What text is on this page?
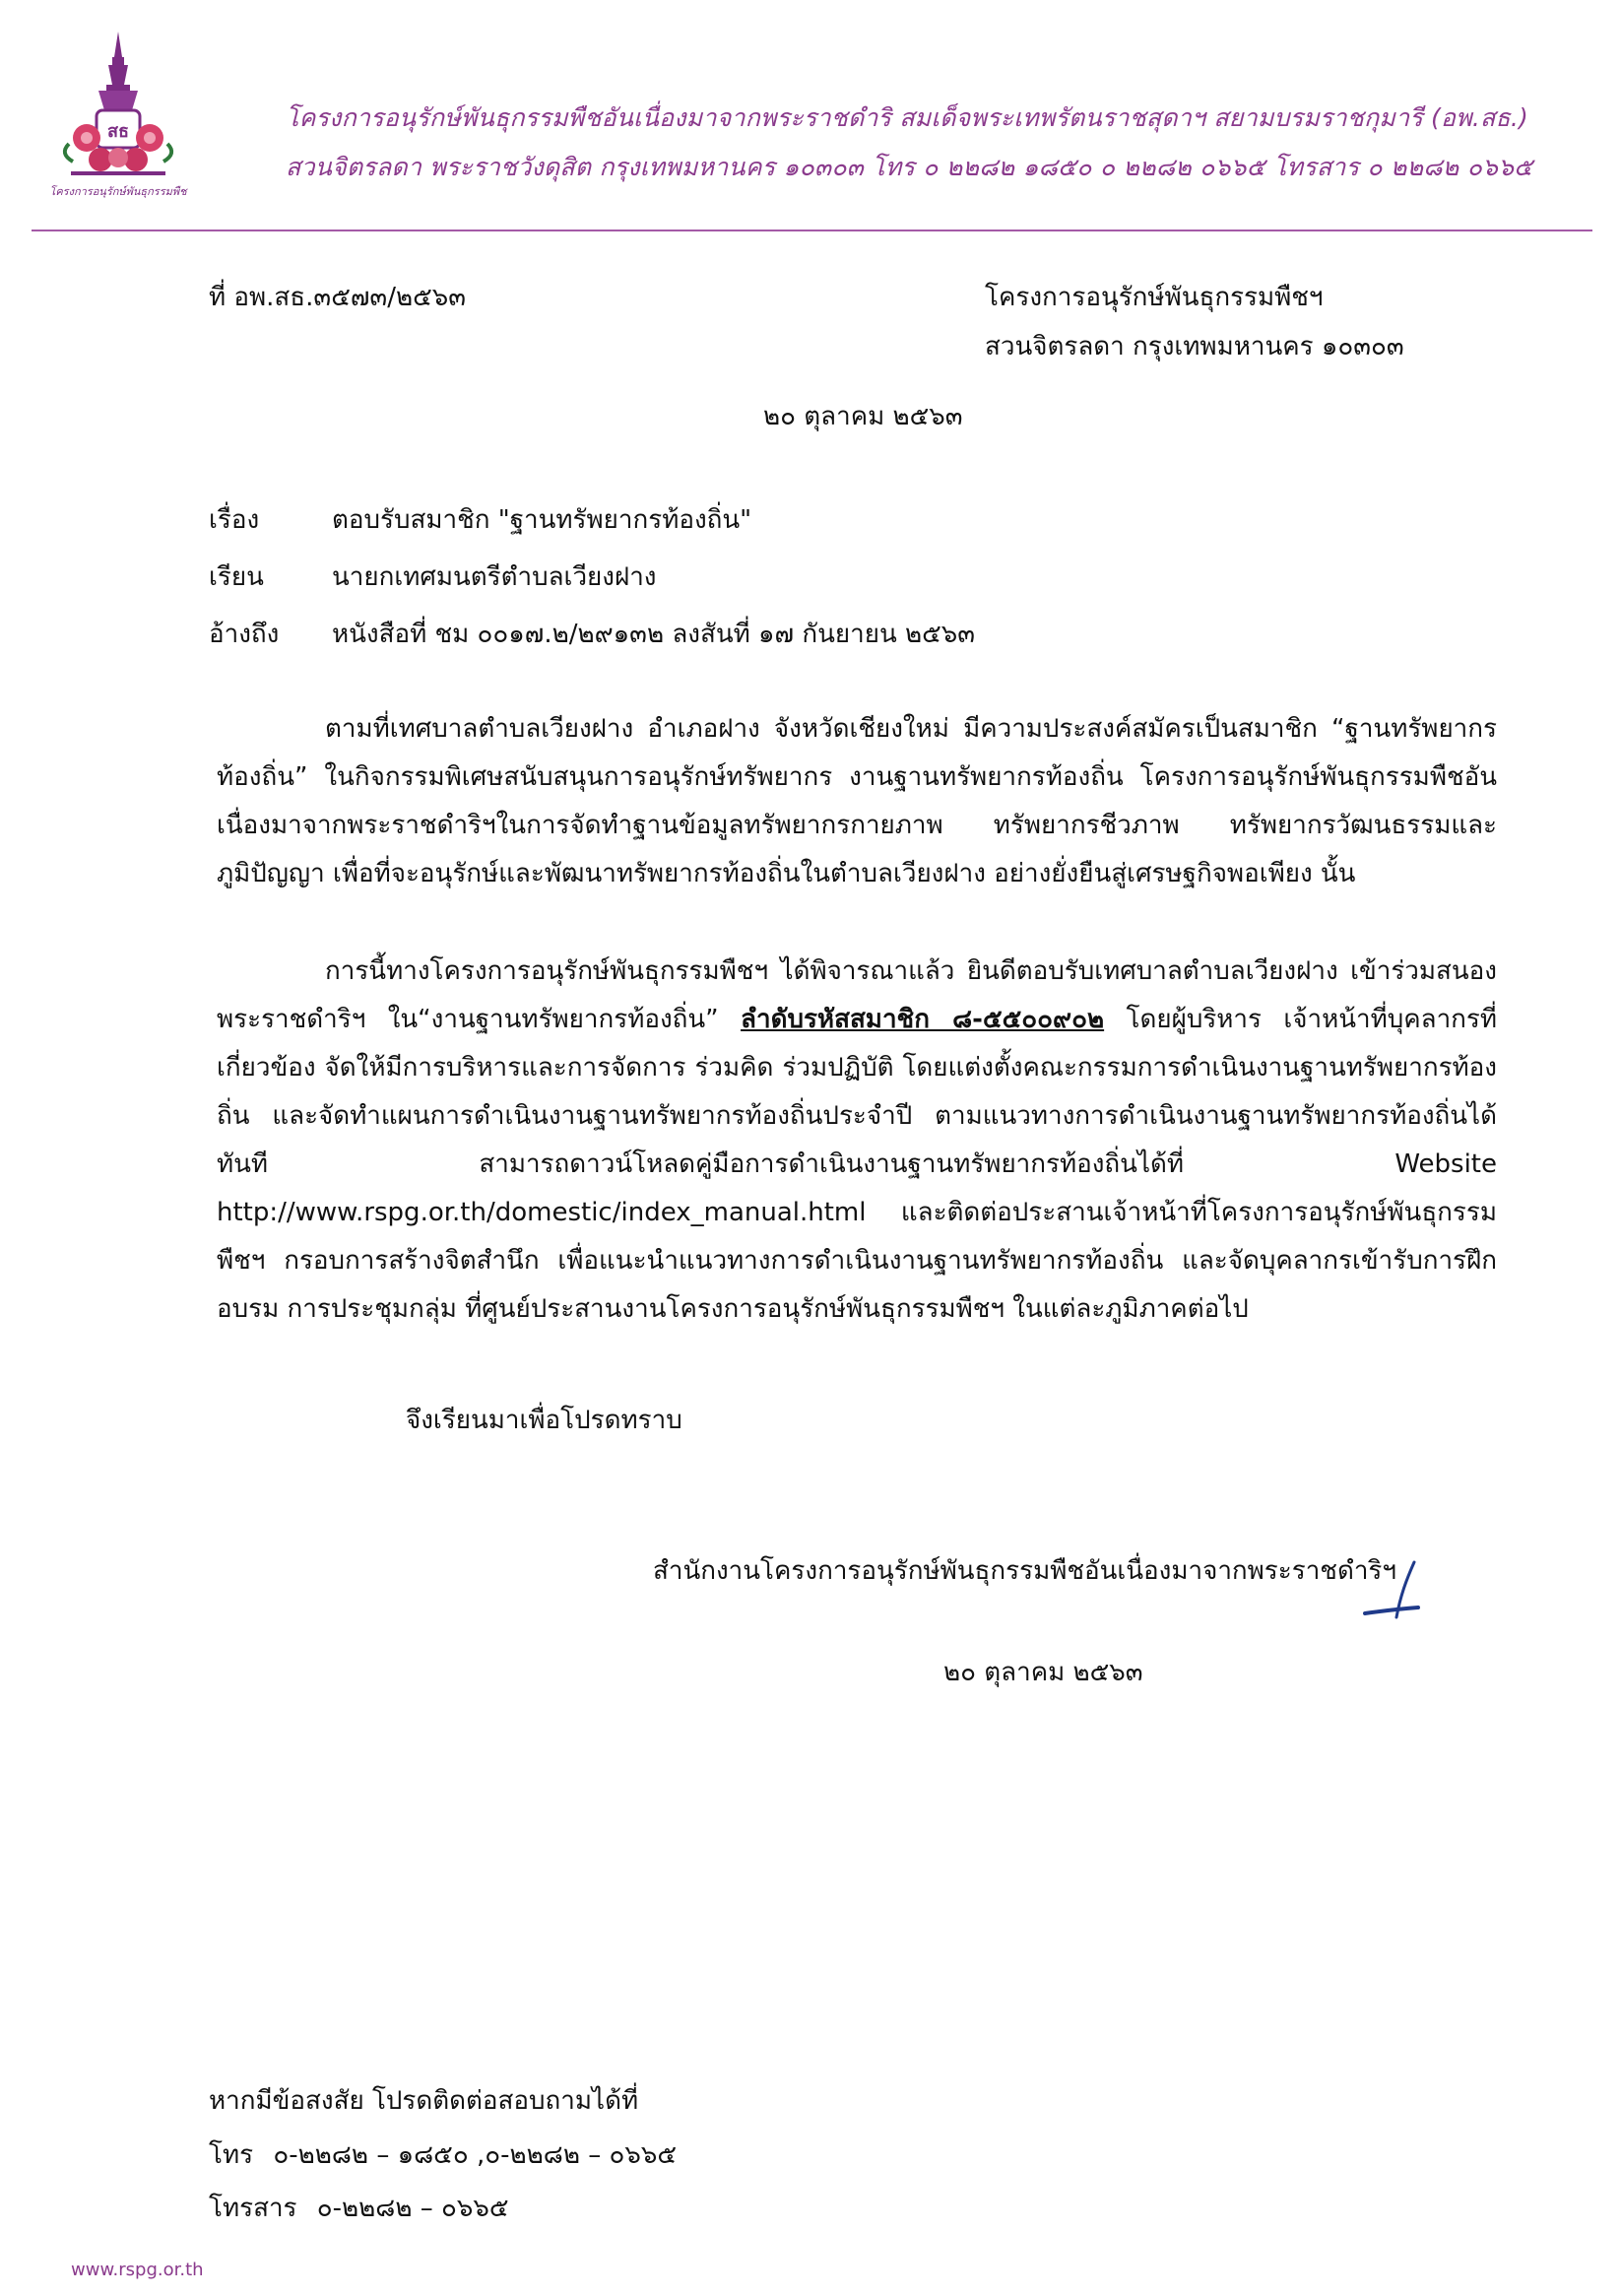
สธ
โครงการอนุรักษ์พันธุกรรมพืช
โครงการอนุรักษ์พันธุกรรมพืชอันเนื่องมาจากพระราชดำริ สมเด็จพระเทพรัตนราชสุดาฯ สยามบรมราชกุมารี (อพ.สธ.)
สวนจิตรลดา พระราชวังดุสิต กรุงเทพมหานคร ๑๐๓๐๓ โทร ๐ ๒๒๘๒ ๑๘๕๐ ๐ ๒๒๘๒ ๐๖๖๕ โทรสาร ๐ ๒๒๘๒ ๐๖๖๕
ที่ อพ.สธ.๓๕๗๓/๒๕๖๓	โครงการอนุรักษ์พันธุกรรมพืชฯ
สวนจิตรลดา กรุงเทพมหานคร ๑๐๓๐๓
๒๐ ตุลาคม ๒๕๖๓
เรื่อง	ตอบรับสมาชิก "ฐานทรัพยากรท้องถิ่น"
เรียน	นายกเทศมนตรีตำบลเวียงฝาง
อ้างถึง หนังสือที่ ชม ๐๐๑๗.๒/๒๙๑๓๒ ลงสันที่ ๑๗ กันยายน ๒๕๖๓
ตามที่เทศบาลตำบลเวียงฝาง อำเภอฝาง จังหวัดเชียงใหม่ มีความประสงค์สมัครเป็นสมาชิก “ฐานทรัพยากรท้องถิ่น” ในกิจกรรมพิเศษสนับสนุนการอนุรักษ์ทรัพยากร งานฐานทรัพยากรท้องถิ่น โครงการอนุรักษ์พันธุกรรมพืชอันเนื่องมาจากพระราชดำริฯในการจัดทำฐานข้อมูลทรัพยากรกายภาพ ทรัพยากรชีวภาพ ทรัพยากรวัฒนธรรมและภูมิปัญญา เพื่อที่จะอนุรักษ์และพัฒนาทรัพยากรท้องถิ่นในตำบลเวียงฝาง อย่างยั่งยืนสู่เศรษฐกิจพอเพียง นั้น
การนี้ทางโครงการอนุรักษ์พันธุกรรมพืชฯ ได้พิจารณาแล้ว ยินดีตอบรับเทศบาลตำบลเวียงฝาง เข้าร่วมสนองพระราชดำริฯ ใน“งานฐานทรัพยากรท้องถิ่น” ลำดับรหัสสมาชิก ๘-๕๕๐๐๙๐๒ โดยผู้บริหาร เจ้าหน้าที่บุคลากรที่เกี่ยวข้อง จัดให้มีการบริหารและการจัดการ ร่วมคิด ร่วมปฏิบัติ โดยแต่งตั้งคณะกรรมการดำเนินงานฐานทรัพยากรท้องถิ่น และจัดทำแผนการดำเนินงานฐานทรัพยากรท้องถิ่นประจำปี ตามแนวทางการดำเนินงานฐานทรัพยากรท้องถิ่นได้ทันที สามารถดาวน์โหลดคู่มือการดำเนินงานฐานทรัพยากรท้องถิ่นได้ที่ Website http://www.rspg.or.th/domestic/index_manual.html และติดต่อประสานเจ้าหน้าที่โครงการอนุรักษ์พันธุกรรมพืชฯ กรอบการสร้างจิตสำนึก เพื่อแนะนำแนวทางการดำเนินงานฐานทรัพยากรท้องถิ่น และจัดบุคลากรเข้ารับการฝึกอบรม การประชุมกลุ่ม ที่ศูนย์ประสานงานโครงการอนุรักษ์พันธุกรรมพืชฯ ในแต่ละภูมิภาคต่อไป
จึงเรียนมาเพื่อโปรดทราบ
สำนักงานโครงการอนุรักษ์พันธุกรรมพืชอันเนื่องมาจากพระราชดำริฯ
๒๐ ตุลาคม ๒๕๖๓
หากมีข้อสงสัย โปรดติดต่อสอบถามได้ที่
โทร ๐-๒๒๘๒ – ๑๘๕๐ ,๐-๒๒๘๒ – ๐๖๖๕
โทรสาร ๐-๒๒๘๒ – ๐๖๖๕
www.rspg.or.th
